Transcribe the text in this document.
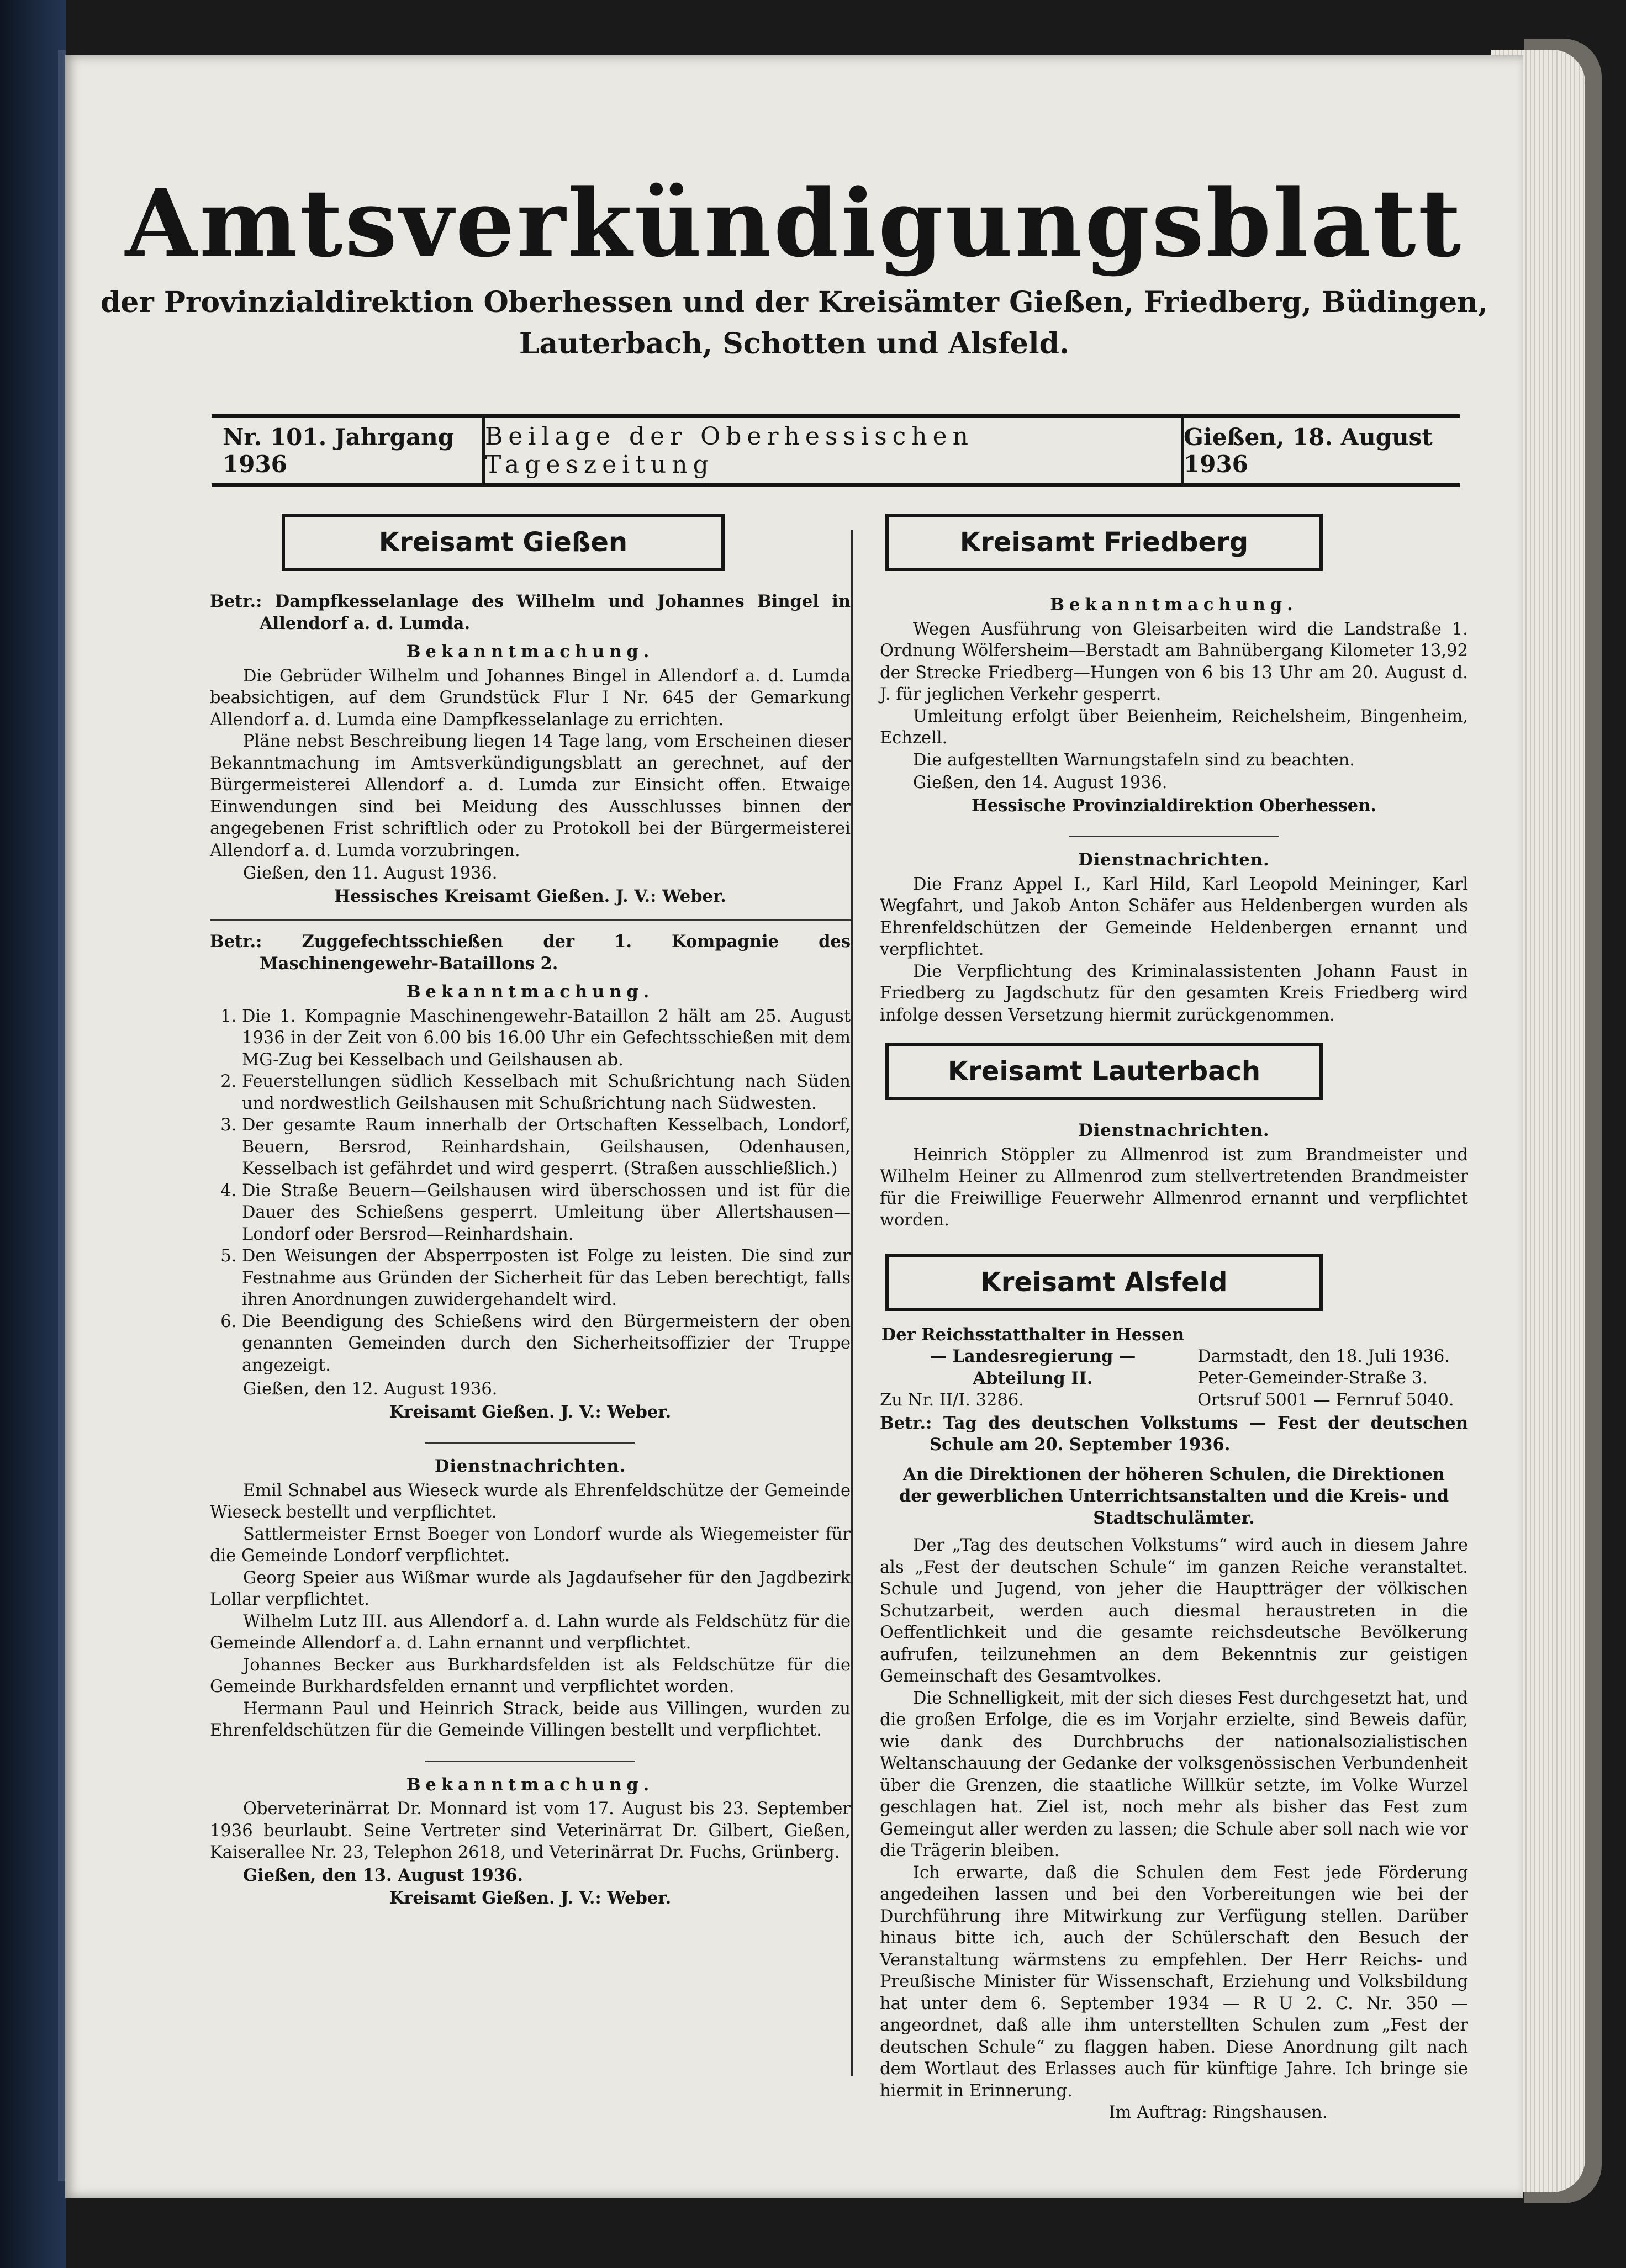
Amtsverkündigungsblatt
der Provinzialdirektion Oberhessen und der Kreisämter Gießen, Friedberg, Büdingen,
Lauterbach, Schotten und Alsfeld.
Nr. 101. Jahrgang 1936
Beilage der Oberhessischen Tageszeitung
Gießen, 18. August 1936
Kreisamt Gießen

Betr.: Dampfkesselanlage des Wilhelm und Johannes Bingel in Allendorf a. d. Lumda.

Bekanntmachung.

Die Gebrüder Wilhelm und Johannes Bingel in Allendorf a. d. Lumda beabsichtigen, auf dem Grundstück Flur I Nr. 645 der Gemarkung Allendorf a. d. Lumda eine Dampfkesselanlage zu errichten.

Pläne nebst Beschreibung liegen 14 Tage lang, vom Erscheinen dieser Bekanntmachung im Amtsverkündigungsblatt an gerechnet, auf der Bürgermeisterei Allendorf a. d. Lumda zur Einsicht offen. Etwaige Einwendungen sind bei Meidung des Ausschlusses binnen der angegebenen Frist schriftlich oder zu Protokoll bei der Bürgermeisterei Allendorf a. d. Lumda vorzubringen.

Gießen, den 11. August 1936.

Hessisches Kreisamt Gießen. J. V.: Weber.

Betr.: Zuggefechtsschießen der 1. Kompagnie des Maschinengewehr-Bataillons 2.

Bekanntmachung.

1. Die 1. Kompagnie Maschinengewehr-Bataillon 2 hält am 25. August 1936 in der Zeit von 6.00 bis 16.00 Uhr ein Gefechtsschießen mit dem MG-Zug bei Kesselbach und Geilshausen ab.
2. Feuerstellungen südlich Kesselbach mit Schußrichtung nach Süden und nordwestlich Geilshausen mit Schußrichtung nach Südwesten.
3. Der gesamte Raum innerhalb der Ortschaften Kesselbach, Londorf, Beuern, Bersrod, Reinhardshain, Geilshausen, Odenhausen, Kesselbach ist gefährdet und wird gesperrt. (Straßen ausschließlich.)
4. Die Straße Beuern—Geilshausen wird überschossen und ist für die Dauer des Schießens gesperrt. Umleitung über Allertshausen—Londorf oder Bersrod—Reinhardshain.
5. Den Weisungen der Absperrposten ist Folge zu leisten. Die sind zur Festnahme aus Gründen der Sicherheit für das Leben berechtigt, falls ihren Anordnungen zuwidergehandelt wird.
6. Die Beendigung des Schießens wird den Bürgermeistern der oben genannten Gemeinden durch den Sicherheitsoffizier der Truppe angezeigt.

Gießen, den 12. August 1936.

Kreisamt Gießen. J. V.: Weber.

Dienstnachrichten.

Emil Schnabel aus Wieseck wurde als Ehrenfeldschütze der Gemeinde Wieseck bestellt und verpflichtet.

Sattlermeister Ernst Boeger von Londorf wurde als Wiegemeister für die Gemeinde Londorf verpflichtet.

Georg Speier aus Wißmar wurde als Jagdaufseher für den Jagdbezirk Lollar verpflichtet.

Wilhelm Lutz III. aus Allendorf a. d. Lahn wurde als Feldschütz für die Gemeinde Allendorf a. d. Lahn ernannt und verpflichtet.

Johannes Becker aus Burkhardsfelden ist als Feldschütze für die Gemeinde Burkhardsfelden ernannt und verpflichtet worden.

Hermann Paul und Heinrich Strack, beide aus Villingen, wurden zu Ehrenfeldschützen für die Gemeinde Villingen bestellt und verpflichtet.

Bekanntmachung.

Oberveterinärrat Dr. Monnard ist vom 17. August bis 23. September 1936 beurlaubt. Seine Vertreter sind Veterinärrat Dr. Gilbert, Gießen, Kaiserallee Nr. 23, Telephon 2618, und Veterinärrat Dr. Fuchs, Grünberg.

Gießen, den 13. August 1936.

Kreisamt Gießen. J. V.: Weber.

Kreisamt Friedberg

Bekanntmachung.

Wegen Ausführung von Gleisarbeiten wird die Landstraße 1. Ordnung Wölfersheim—Berstadt am Bahnübergang Kilometer 13,92 der Strecke Friedberg—Hungen von 6 bis 13 Uhr am 20. August d. J. für jeglichen Verkehr gesperrt.

Umleitung erfolgt über Beienheim, Reichelsheim, Bingenheim, Echzell.

Die aufgestellten Warnungstafeln sind zu beachten.

Gießen, den 14. August 1936.

Hessische Provinzialdirektion Oberhessen.

Dienstnachrichten.

Die Franz Appel I., Karl Hild, Karl Leopold Meininger, Karl Wegfahrt, und Jakob Anton Schäfer aus Heldenbergen wurden als Ehrenfeldschützen der Gemeinde Heldenbergen ernannt und verpflichtet.

Die Verpflichtung des Kriminalassistenten Johann Faust in Friedberg zu Jagdschutz für den gesamten Kreis Friedberg wird infolge dessen Versetzung hiermit zurückgenommen.

Kreisamt Lauterbach

Dienstnachrichten.

Heinrich Stöppler zu Allmenrod ist zum Brandmeister und Wilhelm Heiner zu Allmenrod zum stellvertretenden Brandmeister für die Freiwillige Feuerwehr Allmenrod ernannt und verpflichtet worden.

Kreisamt Alsfeld

Der Reichsstatthalter in Hessen

— Landesregierung —

Abteilung II.

Zu Nr. II/I. 3286.

Darmstadt, den 18. Juli 1936.

Peter-Gemeinder-Straße 3.

Ortsruf 5001 — Fernruf 5040.

Betr.: Tag des deutschen Volkstums — Fest der deutschen Schule am 20. September 1936.

An die Direktionen der höheren Schulen, die Direktionen der gewerblichen Unterrichtsanstalten und die Kreis- und Stadtschulämter.

Der „Tag des deutschen Volkstums“ wird auch in diesem Jahre als „Fest der deutschen Schule“ im ganzen Reiche veranstaltet. Schule und Jugend, von jeher die Hauptträger der völkischen Schutzarbeit, werden auch diesmal heraustreten in die Oeffentlichkeit und die gesamte reichsdeutsche Bevölkerung aufrufen, teilzunehmen an dem Bekenntnis zur geistigen Gemeinschaft des Gesamtvolkes.

Die Schnelligkeit, mit der sich dieses Fest durchgesetzt hat, und die großen Erfolge, die es im Vorjahr erzielte, sind Beweis dafür, wie dank des Durchbruchs der nationalsozialistischen Weltanschauung der Gedanke der volksgenössischen Verbundenheit über die Grenzen, die staatliche Willkür setzte, im Volke Wurzel geschlagen hat. Ziel ist, noch mehr als bisher das Fest zum Gemeingut aller werden zu lassen; die Schule aber soll nach wie vor die Trägerin bleiben.

Ich erwarte, daß die Schulen dem Fest jede Förderung angedeihen lassen und bei den Vorbereitungen wie bei der Durchführung ihre Mitwirkung zur Verfügung stellen. Darüber hinaus bitte ich, auch der Schülerschaft den Besuch der Veranstaltung wärmstens zu empfehlen. Der Herr Reichs- und Preußische Minister für Wissenschaft, Erziehung und Volksbildung hat unter dem 6. September 1934 — R U 2. C. Nr. 350 — angeordnet, daß alle ihm unterstellten Schulen zum „Fest der deutschen Schule“ zu flaggen haben. Diese Anordnung gilt nach dem Wortlaut des Erlasses auch für künftige Jahre. Ich bringe sie hiermit in Erinnerung.

Im Auftrag: Ringshausen.
